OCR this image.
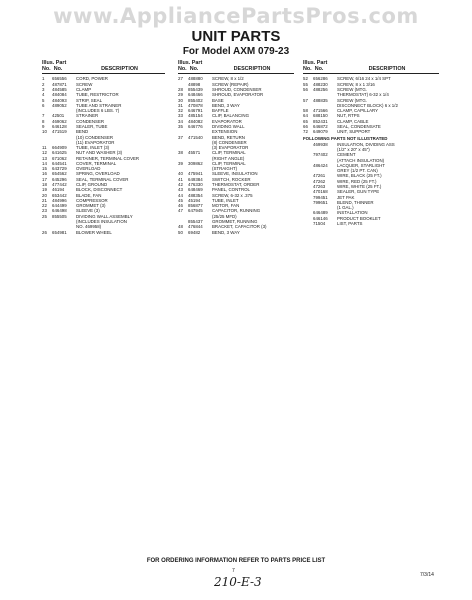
www.AppliancePartsPros.com
UNIT PARTS
For Model AXM 079-23
Illus. Part
No. No.	DESCRIPTION
1	656556	CORD, POWER
2	487871	SCREW
3	484585	CLAMP
4	484084	TUBE, RESTRICTOR
5	484093	STRIP, SEAL
6	489052	TUBE AND STRAINER
(INCLUDES 6 LBS. 7)
7	42501	STRAINER
8	469062	CONDENSER
9	646128	SEALER, TUBE
10	471519	BEND
(10) CONDENSER
(11) EVAPORATOR
11	664909	TUBE, INLET (3)
12	641625	NUT AND WASHER (3)
13	671062	RETAINER, TERMINAL COVER
14	644541	COVER, TERMINAL
15	643729	OVERLOAD
16	654562	SPRING, OVERLOAD
17	645296	SEAL, TERMINAL COVER
18	477442	CLIP, GROUND
19	46194	BLOCK, DISCONNECT
20	653442	BLADE, FAN
21	484996	COMPRESSOR
22	644499	GROMMET (3)
23	646498	SLEEVE (3)
25	855505	DIVIDING WALL ASSEMBLY
(INCLUDES INSULATION
NO. 469958)
26	654981	BLOWER WHEEL
Illus. Part
No. No.	DESCRIPTION
27	488880	SCREW, 8 x 1/2
48898	SCREW (REPAIR)
28	855439	SHROUD, CONDENSER
29	648466	SHROUD, EVAPORATOR
30	855402	BASE
31	470878	BEND, 3 WAY
32	646791	BAFFLE
33	485154	CLIP, BALANCING
34	484082	EVAPORATOR
35	646776	DIVIDING WALL
EXTENSION
37	471540	BEND, RETURN
(8) CONDENSER
(3) EVAPORATOR
38	45571	CLIP, TERMINAL
(RIGHT ANGLE)
39	309862	CLIP, TERMINAL
(STRAIGHT)
40	475941	SLEEVE, INSULATION
41	649384	SWITCH, ROCKER
42	476330	THERMOSTAT, ORDER
43	648469	PANEL, CONTROL
44	488354	SCREW, 6-32 x .375
45	45194	TUBE, INLET
46	856877	MOTOR, FAN
47	647945	CAPACITOR, RUNNING
(25/25 MFD)
855437	GROMMET, RUNNING
48	476844	BRACKET, CAPACITOR (3)
50	69482	BEND, 3 WAY
Illus. Part
No. No.	DESCRIPTION
52	656286	SCREW, 6/16 24 x 1/4 SPT
55	488230	SCREW, 8 x 1 3/16
56	488256	SCREW (MTG.
THERMOSTAT) 6-32 x 1/4
57	488835	SCREW (MTG.
DISCONNECT BLOCK) 6 x 1/2
58	471566	CLAMP, CAPILLARY
64	688150	NUT, RTPS
65	852431	CLAMP, CABLE
66	646872	SEAL, CONDENSATE
72	649079	UNIT, SUPPORT
FOLLOWING PARTS NOT ILLUSTRATED
469938	INSULATION, DIVIDING ASS
(1/2" x 20" x 45")
797402	CEMENT
(ATTACH INSULATION)
486424	LACQUER, STARLIGHT
GREY (1/2 PT. CAN)
47261	WIRE, BLACK (25 FT.)
47262	WIRE, RED (25 FT.)
47263	WIRE, WHITE (25 FT.)
470168	SEALER, GUN TYPE
799451	JET PAK
799651	BLEND, THINNER
(1 GAL.)
646489	INSTALLATION
646146	PRODUCT BOOKLET
71504	LIST, PARTS
FOR ORDERING INFORMATION REFER TO PARTS PRICE LIST
7
210-E-3	7/3/14
